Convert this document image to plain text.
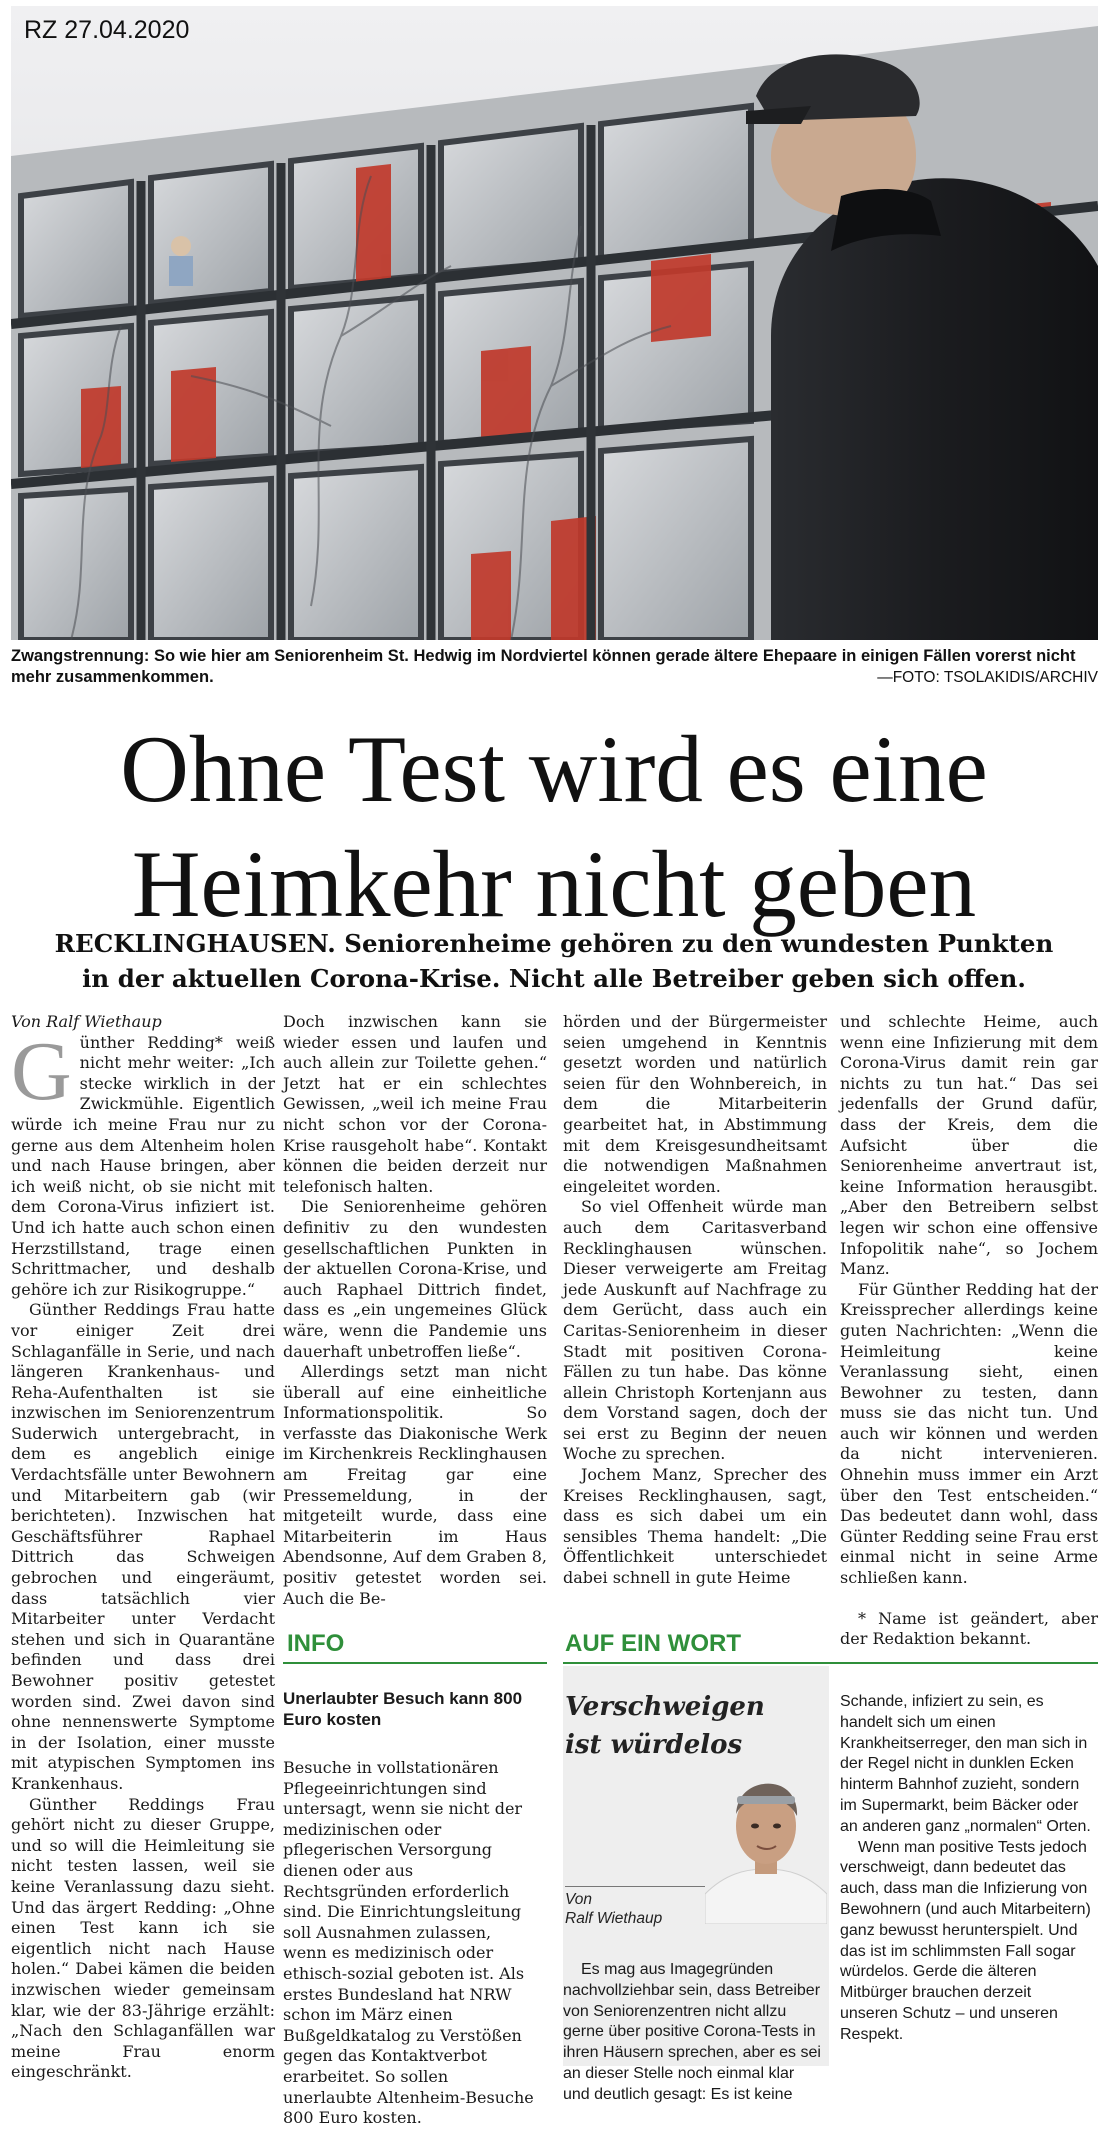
RZ 27.04.2020
Zwangstrennung: So wie hier am Seniorenheim St. Hedwig im Nordviertel können gerade ältere Ehepaare in einigen Fällen vorerst nicht mehr zusammenkommen.	—FOTO: TSOLAKIDIS/ARCHIV
Ohne Test wird es eine
Heimkehr nicht geben
RECKLINGHAUSEN. Seniorenheime gehören zu den wundesten Punkten
in der aktuellen Corona-Krise. Nicht alle Betreiber geben sich offen.

Von Ralf Wiethaup

Günther Redding* weiß nicht mehr weiter: „Ich stecke wirklich in der Zwickmühle. Eigentlich würde ich meine Frau nur zu gerne aus dem Altenheim holen und nach Hause bringen, aber ich weiß nicht, ob sie nicht mit dem Corona-Virus infiziert ist. Und ich hatte auch schon einen Herzstillstand, trage einen Schrittmacher, und deshalb gehöre ich zur Risikogruppe.“

Günther Reddings Frau hatte vor einiger Zeit drei Schlaganfälle in Serie, und nach längeren Krankenhaus- und Reha-Aufenthalten ist sie inzwischen im Seniorenzentrum Suderwich untergebracht, in dem es angeblich einige Verdachtsfälle unter Bewohnern und Mitarbeitern gab (wir berichteten). Inzwischen hat Geschäftsführer Raphael Dittrich das Schweigen gebrochen und eingeräumt, dass tatsächlich vier Mitarbeiter unter Verdacht stehen und sich in Quarantäne befinden und dass drei Bewohner positiv getestet worden sind. Zwei davon sind ohne nennenswerte Symptome in der Isolation, einer musste mit atypischen Symptomen ins Krankenhaus.

Günther Reddings Frau gehört nicht zu dieser Gruppe, und so will die Heimleitung sie nicht testen lassen, weil sie keine Veranlassung dazu sieht. Und das ärgert Redding: „Ohne einen Test kann ich sie eigentlich nicht nach Hause holen.“ Dabei kämen die beiden inzwischen wieder gemeinsam klar, wie der 83-Jährige erzählt: „Nach den Schlaganfällen war meine Frau enorm eingeschränkt.

Doch inzwischen kann sie wieder essen und laufen und auch allein zur Toilette gehen.“ Jetzt hat er ein schlechtes Gewissen, „weil ich meine Frau nicht schon vor der Corona-Krise rausgeholt habe“. Kontakt können die beiden derzeit nur telefonisch halten.

Die Seniorenheime gehören definitiv zu den wundesten gesellschaftlichen Punkten in der aktuellen Corona-Krise, und auch Raphael Dittrich findet, dass es „ein ungemeines Glück wäre, wenn die Pandemie uns dauerhaft unbetroffen ließe“.

Allerdings setzt man nicht überall auf eine einheitliche Informationspolitik. So verfasste das Diakonische Werk im Kirchenkreis Recklinghausen am Freitag gar eine Pressemeldung, in der mitgeteilt wurde, dass eine Mitarbeiterin im Haus Abendsonne, Auf dem Graben 8, positiv getestet worden sei. Auch die Be-

hörden und der Bürgermeister seien umgehend in Kenntnis gesetzt worden und natürlich seien für den Wohnbereich, in dem die Mitarbeiterin gearbeitet hat, in Abstimmung mit dem Kreisgesundheitsamt die notwendigen Maßnahmen eingeleitet worden.

So viel Offenheit würde man auch dem Caritasverband Recklinghausen wünschen. Dieser verweigerte am Freitag jede Auskunft auf Nachfrage zu dem Gerücht, dass auch ein Caritas-Seniorenheim in dieser Stadt mit positiven Corona-Fällen zu tun habe. Das könne allein Christoph Kortenjann aus dem Vorstand sagen, doch der sei erst zu Beginn der neuen Woche zu sprechen.

Jochem Manz, Sprecher des Kreises Recklinghausen, sagt, dass es sich dabei um ein sensibles Thema handelt: „Die Öffentlichkeit unterschiedet dabei schnell in gute Heime

und schlechte Heime, auch wenn eine Infizierung mit dem Corona-Virus damit rein gar nichts zu tun hat.“ Das sei jedenfalls der Grund dafür, dass der Kreis, dem die Aufsicht über die Seniorenheime anvertraut ist, keine Information herausgibt. „Aber den Betreibern selbst legen wir schon eine offensive Infopolitik nahe“, so Jochem Manz.

Für Günther Redding hat der Kreissprecher allerdings keine guten Nachrichten: „Wenn die Heimleitung keine Veranlassung sieht, einen Bewohner zu testen, dann muss sie das nicht tun. Und auch wir können und werden da nicht intervenieren. Ohnehin muss immer ein Arzt über den Test entscheiden.“ Das bedeutet dann wohl, dass Günter Redding seine Frau erst einmal nicht in seine Arme schließen kann.

* Name ist geändert, aber der Redaktion bekannt.

INFO
Unerlaubter Besuch kann 800 Euro kosten
Besuche in vollstationären Pflegeeinrichtungen sind untersagt, wenn sie nicht der medizinischen oder pflegerischen Versorgung dienen oder aus Rechtsgründen erforderlich sind. Die Einrichtungsleitung soll Ausnahmen zulassen, wenn es medizinisch oder ethisch-sozial geboten ist. Als erstes Bundesland hat NRW schon im März einen Bußgeldkatalog zu Verstößen gegen das Kontaktverbot erarbeitet. So sollen unerlaubte Altenheim-Besuche 800 Euro kosten.
AUF EIN WORT
Verschweigen
ist würdelos
Von
Ralf Wiethaup

Es mag aus Imagegründen nachvollziehbar sein, dass Betreiber von Seniorenzentren nicht allzu gerne über positive Corona-Tests in ihren Häusern sprechen, aber es sei an dieser Stelle noch einmal klar und deutlich gesagt: Es ist keine

Schande, infiziert zu sein, es handelt sich um einen Krankheitserreger, den man sich in der Regel nicht in dunklen Ecken hinterm Bahnhof zuzieht, sondern im Supermarkt, beim Bäcker oder an anderen ganz „normalen“ Orten.

Wenn man positive Tests jedoch verschweigt, dann bedeutet das auch, dass man die Infizierung von Bewohnern (und auch Mitarbeitern) ganz bewusst herunterspielt. Und das ist im schlimmsten Fall sogar würdelos. Gerde die älteren Mitbürger brauchen derzeit unseren Schutz – und unseren Respekt.
